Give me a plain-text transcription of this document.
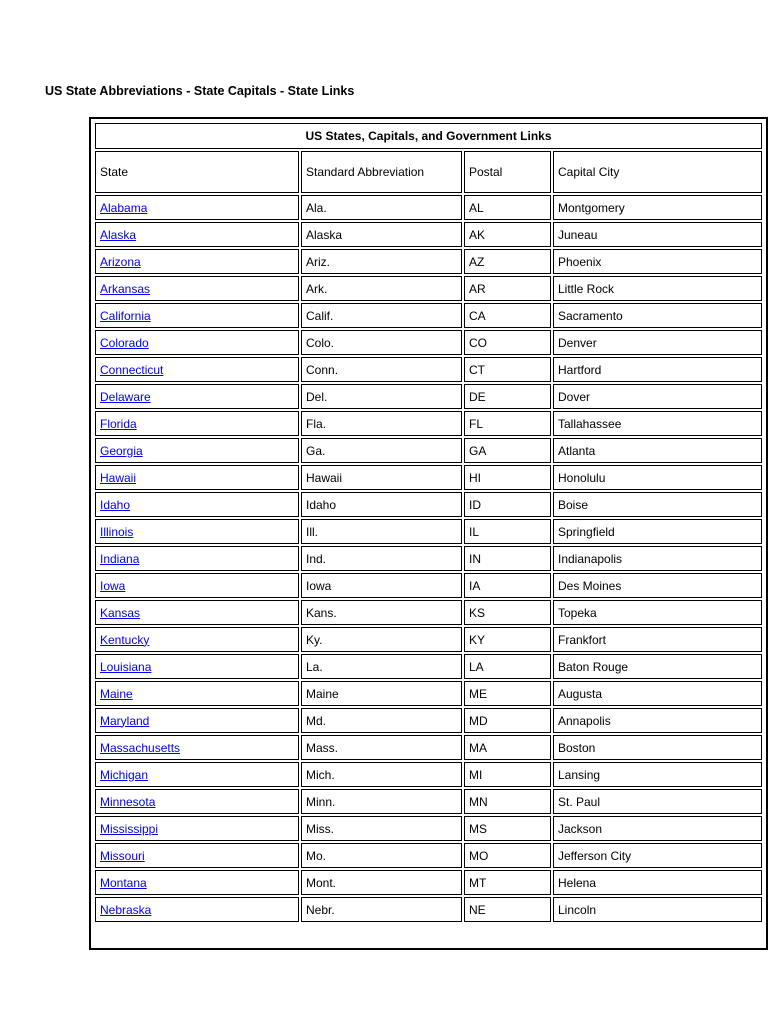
US State Abbreviations - State Capitals - State Links
US States, Capitals, and Government Links			
State	Standard Abbreviation	Postal	Capital City
Alabama	Ala.	AL	Montgomery
Alaska	Alaska	AK	Juneau
Arizona	Ariz.	AZ	Phoenix
Arkansas	Ark.	AR	Little Rock
California	Calif.	CA	Sacramento
Colorado	Colo.	CO	Denver
Connecticut	Conn.	CT	Hartford
Delaware	Del.	DE	Dover
Florida	Fla.	FL	Tallahassee
Georgia	Ga.	GA	Atlanta
Hawaii	Hawaii	HI	Honolulu
Idaho	Idaho	ID	Boise
Illinois	Ill.	IL	Springfield
Indiana	Ind.	IN	Indianapolis
Iowa	Iowa	IA	Des Moines
Kansas	Kans.	KS	Topeka
Kentucky	Ky.	KY	Frankfort
Louisiana	La.	LA	Baton Rouge
Maine	Maine	ME	Augusta
Maryland	Md.	MD	Annapolis
Massachusetts	Mass.	MA	Boston
Michigan	Mich.	MI	Lansing
Minnesota	Minn.	MN	St. Paul
Mississippi	Miss.	MS	Jackson
Missouri	Mo.	MO	Jefferson City
Montana	Mont.	MT	Helena
Nebraska	Nebr.	NE	Lincoln
